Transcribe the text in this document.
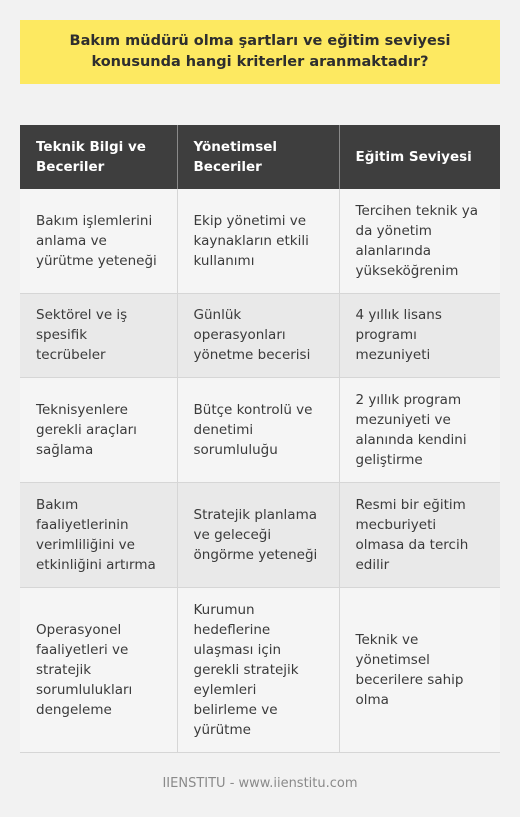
Bakım müdürü olma şartları ve eğitim seviyesi konusunda hangi kriterler aranmaktadır?
Teknik Bilgi ve Beceriler	Yönetimsel Beceriler	Eğitim Seviyesi
Bakım işlemlerini anlama ve yürütme yeteneği	Ekip yönetimi ve kaynakların etkili kullanımı	Tercihen teknik ya da yönetim alanlarında yükseköğrenim
Sektörel ve iş spesifik tecrübeler	Günlük operasyonları yönetme becerisi	4 yıllık lisans programı mezuniyeti
Teknisyenlere gerekli araçları sağlama	Bütçe kontrolü ve denetimi sorumluluğu	2 yıllık program mezuniyeti ve alanında kendini geliştirme
Bakım faaliyetlerinin verimliliğini ve etkinliğini artırma	Stratejik planlama ve geleceği öngörme yeteneği	Resmi bir eğitim mecburiyeti olmasa da tercih edilir
Operasyonel faaliyetleri ve stratejik sorumlulukları dengeleme	Kurumun hedeflerine ulaşması için gerekli stratejik eylemleri belirleme ve yürütme	Teknik ve yönetimsel becerilere sahip olma
IIENSTITU - www.iienstitu.com
